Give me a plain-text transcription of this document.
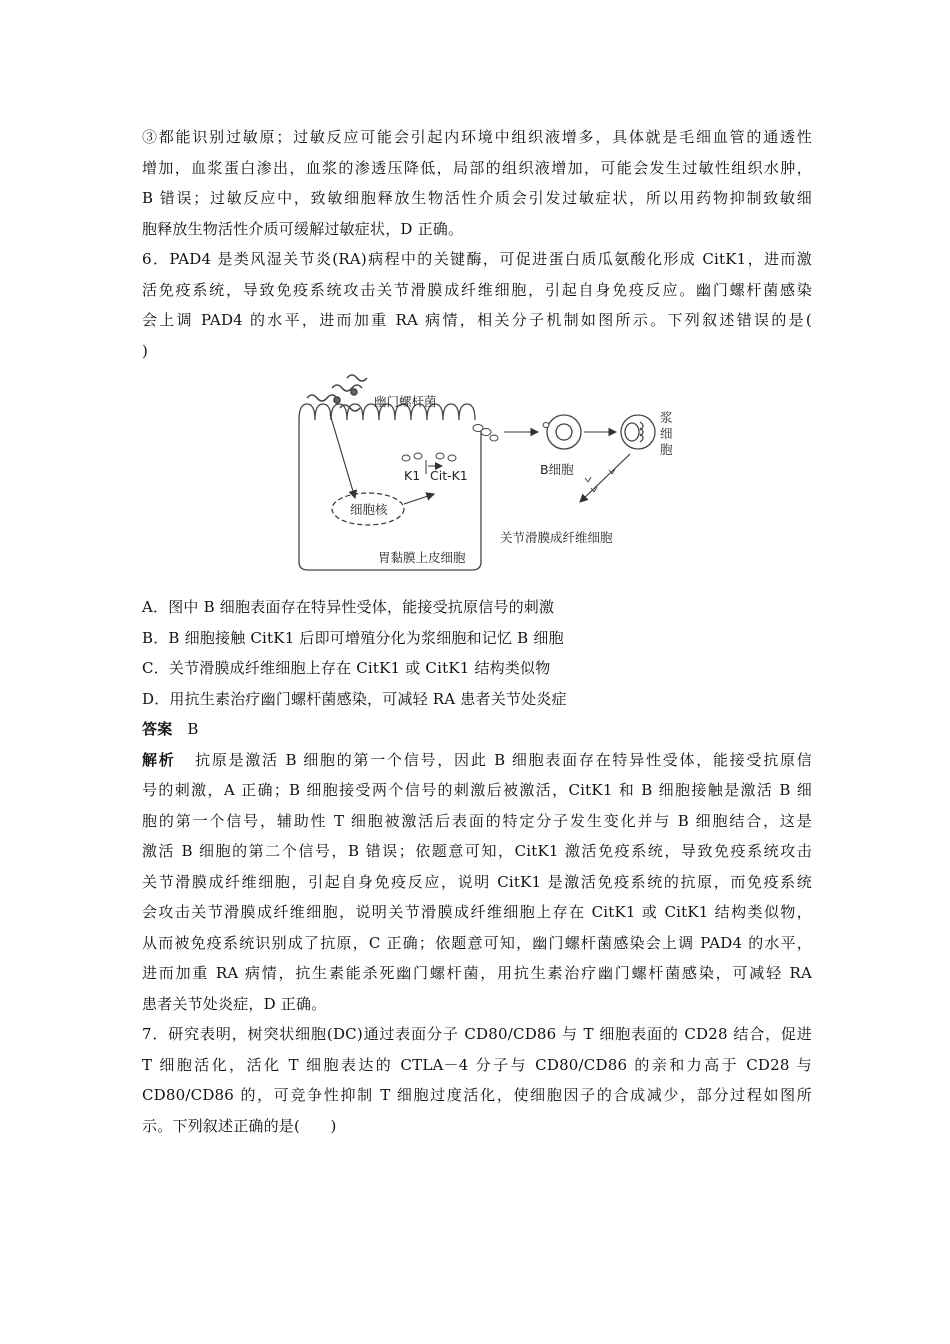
③都能识别过敏原；过敏反应可能会引起内环境中组织液增多，具体就是毛细血管的通透性
增加，血浆蛋白渗出，血浆的渗透压降低，局部的组织液增加，可能会发生过敏性组织水肿，
B 错误；过敏反应中，致敏细胞释放生物活性介质会引发过敏症状，所以用药物抑制致敏细
胞释放生物活性介质可缓解过敏症状，D 正确。
6．PAD4 是类风湿关节炎(RA)病程中的关键酶，可促进蛋白质瓜氨酸化形成 CitK1，进而激
活免疫系统，导致免疫系统攻击关节滑膜成纤维细胞，引起自身免疫反应。幽门螺杆菌感染
会上调 PAD4 的水平，进而加重 RA 病情，相关分子机制如图所示。下列叙述错误的是(
)
幽门螺杆菌
K1 Cit-K1
细胞核
胃黏膜上皮细胞
B细胞
浆
细
胞
关节滑膜成纤维细胞
A．图中 B 细胞表面存在特异性受体，能接受抗原信号的刺激
B．B 细胞接触 CitK1 后即可增殖分化为浆细胞和记忆 B 细胞
C．关节滑膜成纤维细胞上存在 CitK1 或 CitK1 结构类似物
D．用抗生素治疗幽门螺杆菌感染，可减轻 RA 患者关节处炎症
答案 B
解析 抗原是激活 B 细胞的第一个信号，因此 B 细胞表面存在特异性受体，能接受抗原信
号的刺激，A 正确；B 细胞接受两个信号的刺激后被激活，CitK1 和 B 细胞接触是激活 B 细
胞的第一个信号，辅助性 T 细胞被激活后表面的特定分子发生变化并与 B 细胞结合，这是
激活 B 细胞的第二个信号，B 错误；依题意可知，CitK1 激活免疫系统，导致免疫系统攻击
关节滑膜成纤维细胞，引起自身免疫反应，说明 CitK1 是激活免疫系统的抗原，而免疫系统
会攻击关节滑膜成纤维细胞，说明关节滑膜成纤维细胞上存在 CitK1 或 CitK1 结构类似物，
从而被免疫系统识别成了抗原，C 正确；依题意可知，幽门螺杆菌感染会上调 PAD4 的水平，
进而加重 RA 病情，抗生素能杀死幽门螺杆菌，用抗生素治疗幽门螺杆菌感染，可减轻 RA
患者关节处炎症，D 正确。
7．研究表明，树突状细胞(DC)通过表面分子 CD80/CD86 与 T 细胞表面的 CD28 结合，促进
T 细胞活化，活化 T 细胞表达的 CTLA－4 分子与 CD80/CD86 的亲和力高于 CD28 与
CD80/CD86 的，可竞争性抑制 T 细胞过度活化，使细胞因子的合成减少，部分过程如图所
示。下列叙述正确的是(　　)
